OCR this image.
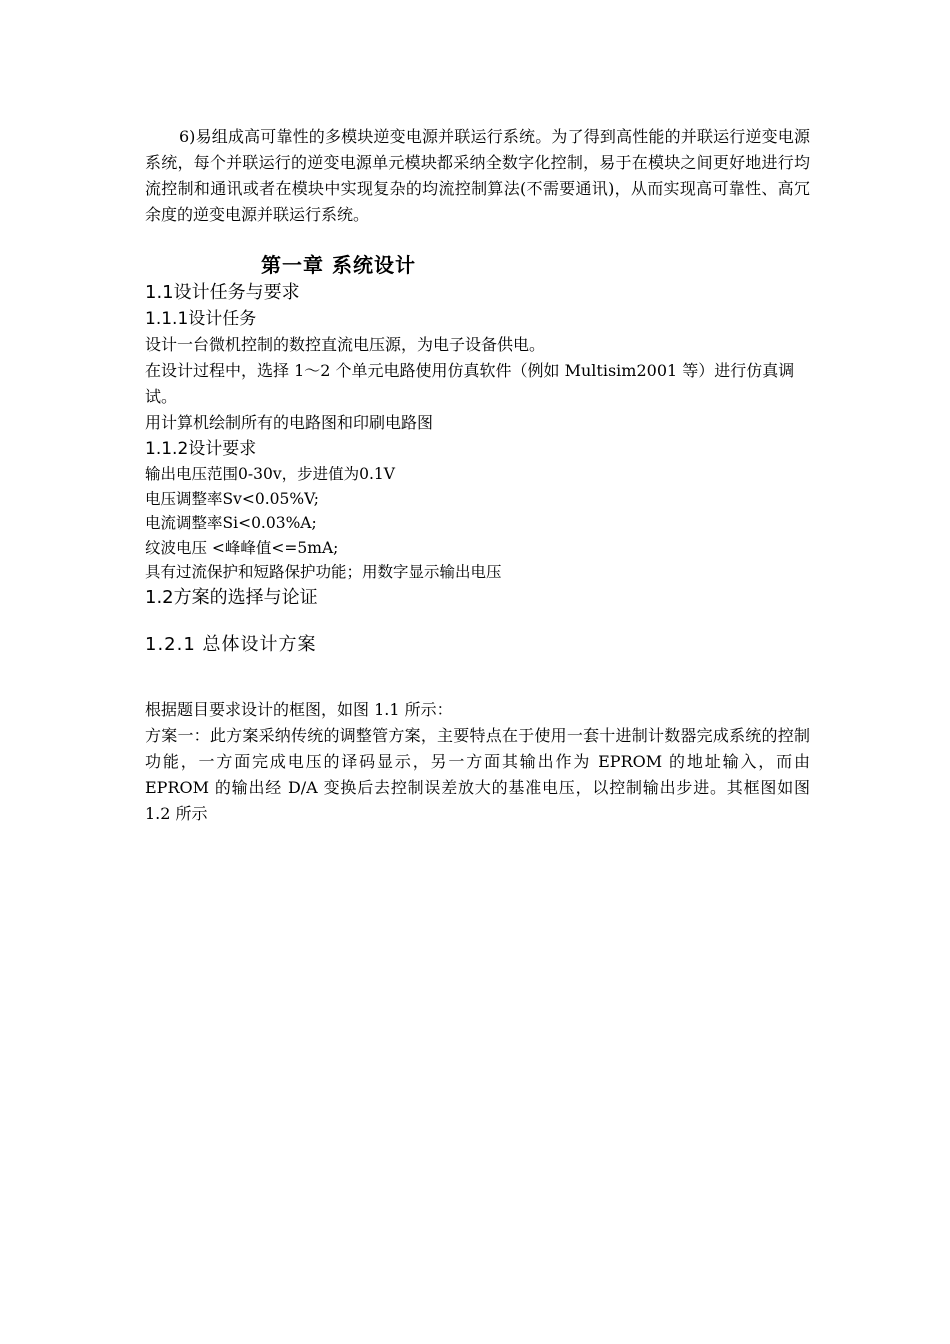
6)易组成高可靠性的多模块逆变电源并联运行系统。为了得到高性能的并联运行逆变电源系统，每个并联运行的逆变电源单元模块都采纳全数字化控制，易于在模块之间更好地进行均流控制和通讯或者在模块中实现复杂的均流控制算法(不需要通讯)，从而实现高可靠性、高冗余度的逆变电源并联运行系统。

第一章 系统设计
1.1设计任务与要求
1.1.1设计任务

设计一台微机控制的数控直流电压源，为电子设备供电。

在设计过程中，选择 1～2 个单元电路使用仿真软件（例如 Multisim2001 等）进行仿真调试。

用计算机绘制所有的电路图和印刷电路图

1.1.2设计要求

输出电压范围0-30v，步进值为0.1V

电压调整率Sv<0.05%V;

电流调整率Si<0.03%A;

纹波电压 <峰峰值<=5mA;

具有过流保护和短路保护功能；用数字显示输出电压

1.2方案的选择与论证
1.2.1 总体设计方案

根据题目要求设计的框图，如图 1.1 所示：

方案一：此方案采纳传统的调整管方案，主要特点在于使用一套十进制计数器完成系统的控制功能，一方面完成电压的译码显示，另一方面其输出作为 EPROM 的地址输入，而由 EPROM 的输出经 D/A 变换后去控制误差放大的基准电压，以控制输出步进。其框图如图 1.2 所示
